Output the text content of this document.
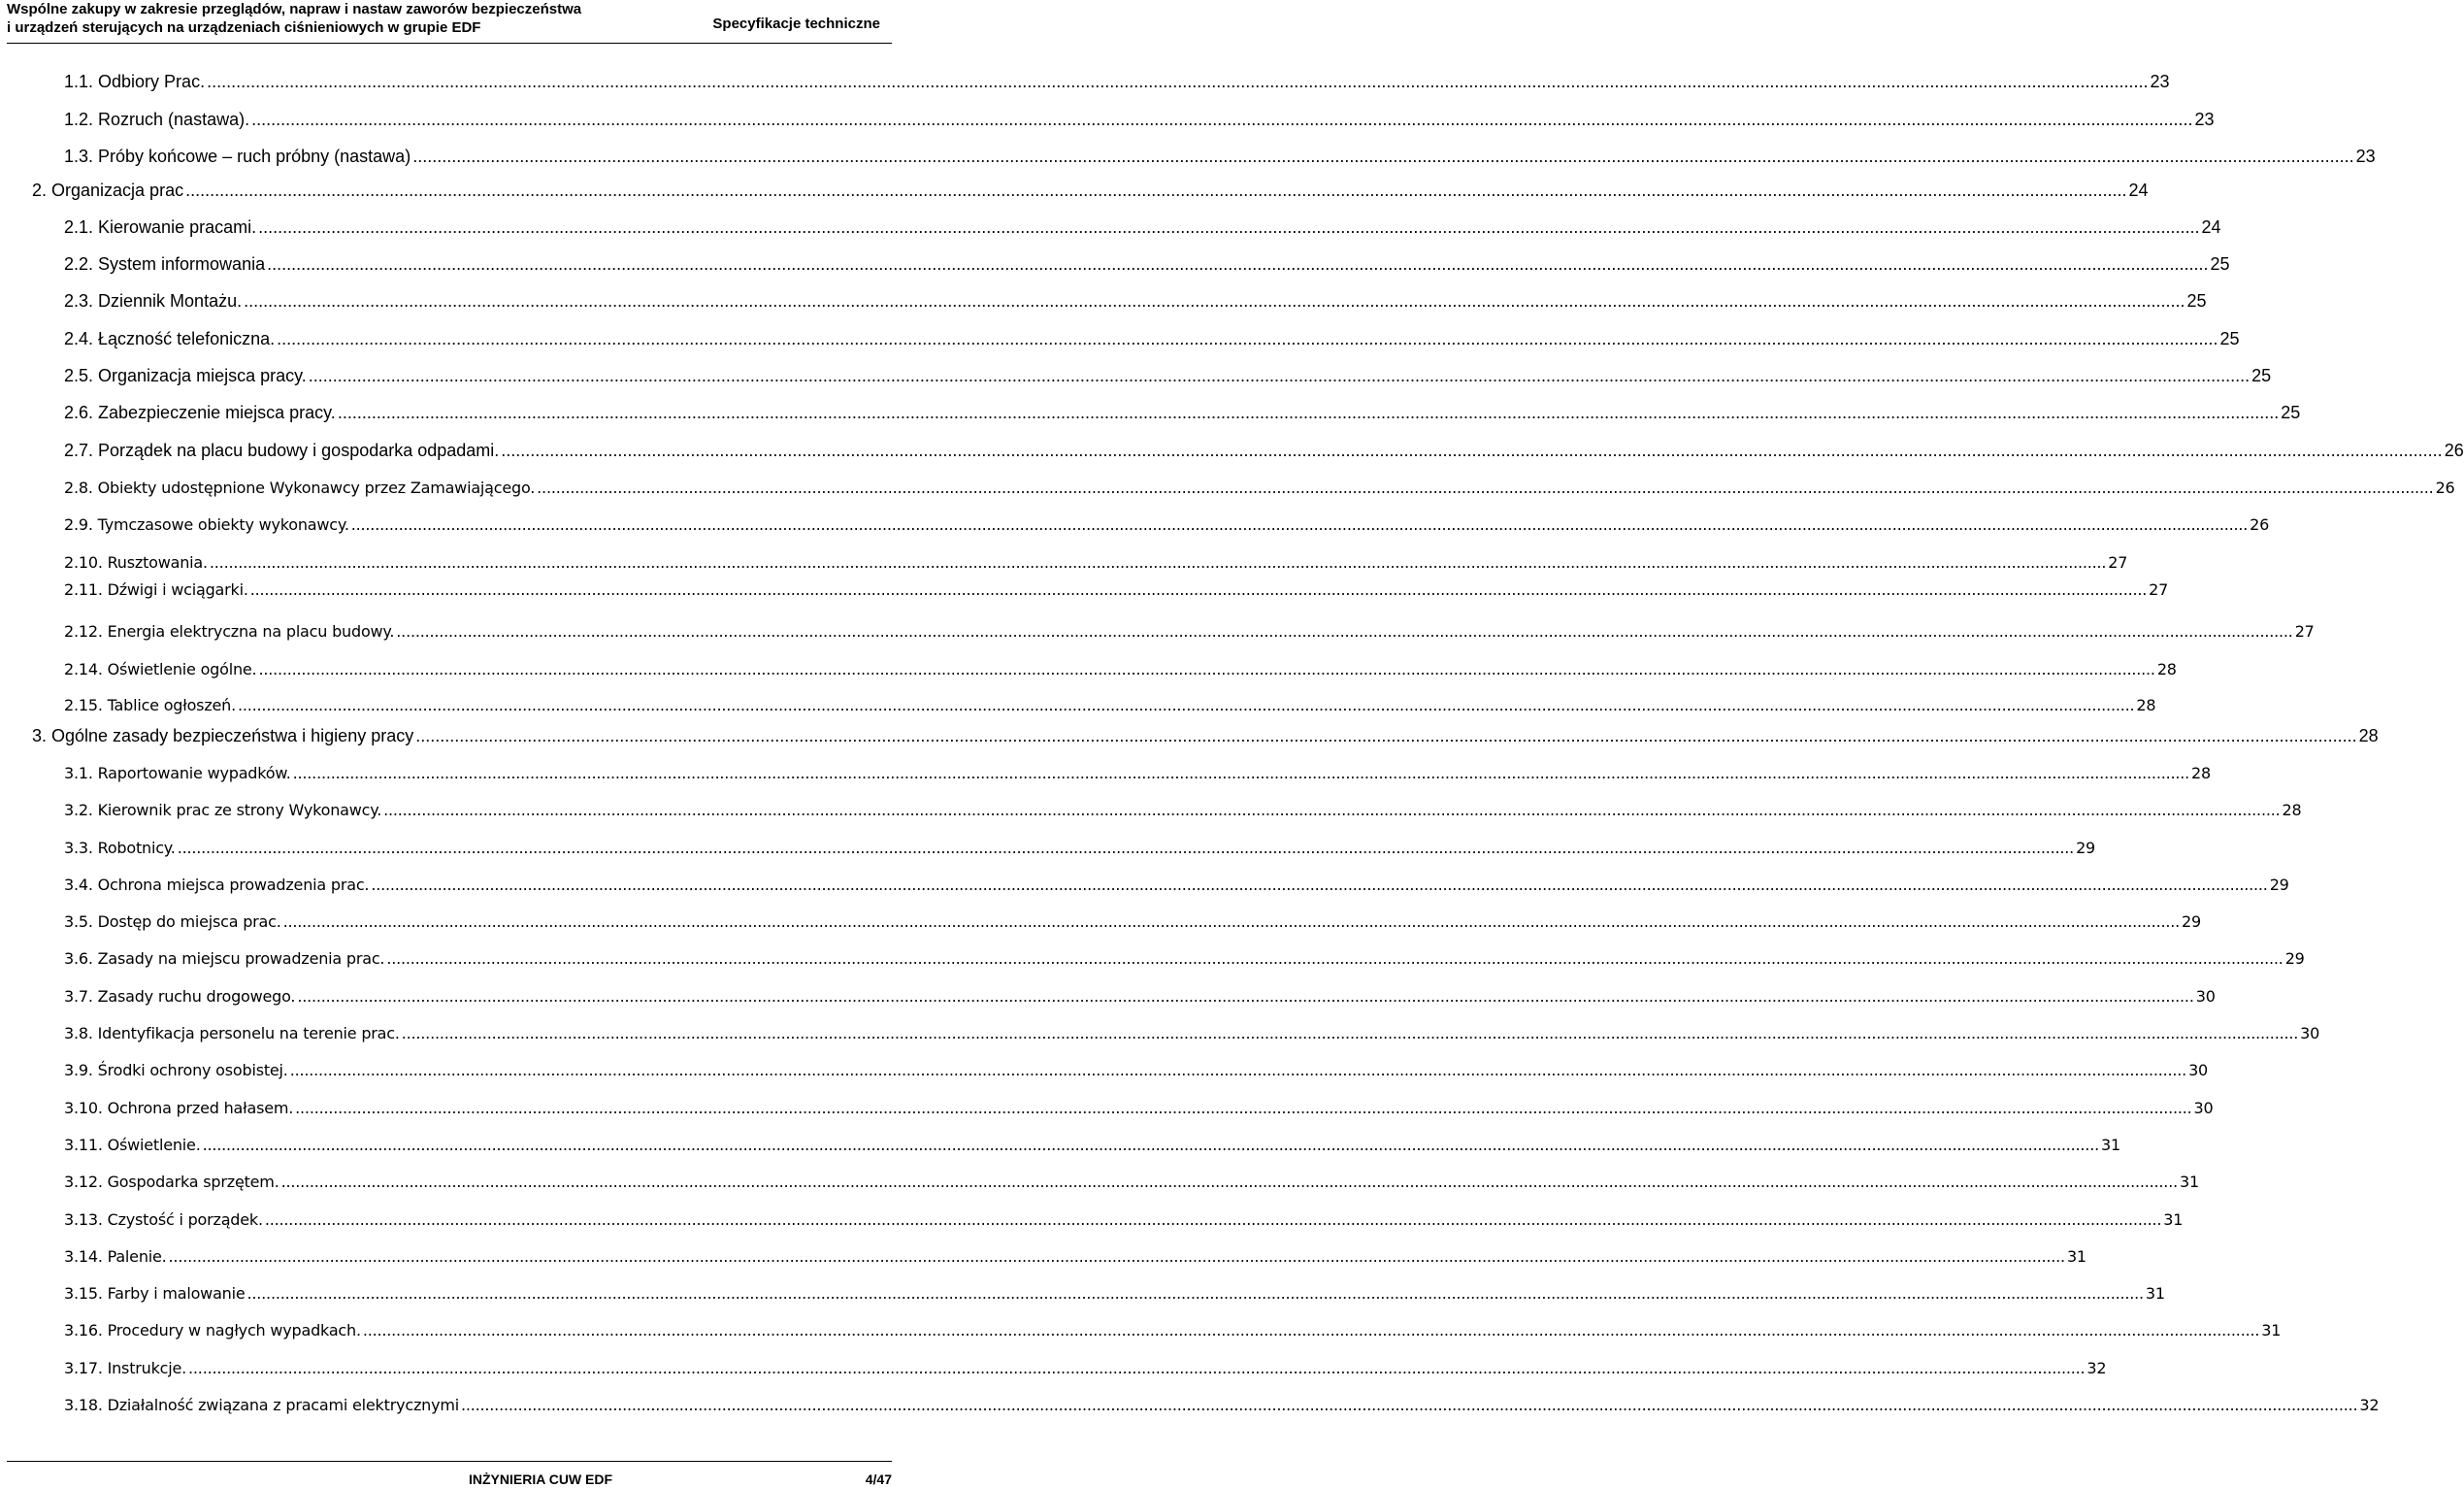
Wspólne zakupy w zakresie przeglądów, napraw i nastaw zaworów bezpieczeństwa
i urządzeń sterujących na urządzeniach ciśnieniowych w grupie EDF	Specyfikacje techniczne
1.1. Odbiory Prac. ................................................................................................................................................................................................................................................................................................................................................................................................................ 23
1.2. Rozruch (nastawa). ................................................................................................................................................................................................................................................................................................................................................................................................................ 23
1.3. Próby końcowe – ruch próbny (nastawa) ................................................................................................................................................................................................................................................................................................................................................................................................................ 23
2. Organizacja prac ................................................................................................................................................................................................................................................................................................................................................................................................................ 24
2.1. Kierowanie pracami. ................................................................................................................................................................................................................................................................................................................................................................................................................ 24
2.2. System informowania ................................................................................................................................................................................................................................................................................................................................................................................................................ 25
2.3. Dziennik Montażu. ................................................................................................................................................................................................................................................................................................................................................................................................................ 25
2.4. Łączność telefoniczna. ................................................................................................................................................................................................................................................................................................................................................................................................................ 25
2.5. Organizacja miejsca pracy. ................................................................................................................................................................................................................................................................................................................................................................................................................ 25
2.6. Zabezpieczenie miejsca pracy. ................................................................................................................................................................................................................................................................................................................................................................................................................ 25
2.7. Porządek na placu budowy i gospodarka odpadami. ................................................................................................................................................................................................................................................................................................................................................................................................................ 26
2.8. Obiekty udostępnione Wykonawcy przez Zamawiającego. ................................................................................................................................................................................................................................................................................................................................................................................................................ 26
2.9. Tymczasowe obiekty wykonawcy. ................................................................................................................................................................................................................................................................................................................................................................................................................ 26
2.10. Rusztowania. ................................................................................................................................................................................................................................................................................................................................................................................................................ 27
2.11. Dźwigi i wciągarki. ................................................................................................................................................................................................................................................................................................................................................................................................................ 27
2.12. Energia elektryczna na placu budowy. ................................................................................................................................................................................................................................................................................................................................................................................................................ 27
2.14. Oświetlenie ogólne. ................................................................................................................................................................................................................................................................................................................................................................................................................ 28
2.15. Tablice ogłoszeń. ................................................................................................................................................................................................................................................................................................................................................................................................................ 28
3. Ogólne zasady bezpieczeństwa i higieny pracy ................................................................................................................................................................................................................................................................................................................................................................................................................ 28
3.1. Raportowanie wypadków. ................................................................................................................................................................................................................................................................................................................................................................................................................ 28
3.2. Kierownik prac ze strony Wykonawcy. ................................................................................................................................................................................................................................................................................................................................................................................................................ 28
3.3. Robotnicy. ................................................................................................................................................................................................................................................................................................................................................................................................................ 29
3.4. Ochrona miejsca prowadzenia prac. ................................................................................................................................................................................................................................................................................................................................................................................................................ 29
3.5. Dostęp do miejsca prac. ................................................................................................................................................................................................................................................................................................................................................................................................................ 29
3.6. Zasady na miejscu prowadzenia prac. ................................................................................................................................................................................................................................................................................................................................................................................................................ 29
3.7. Zasady ruchu drogowego. ................................................................................................................................................................................................................................................................................................................................................................................................................ 30
3.8. Identyfikacja personelu na terenie prac. ................................................................................................................................................................................................................................................................................................................................................................................................................ 30
3.9. Środki ochrony osobistej. ................................................................................................................................................................................................................................................................................................................................................................................................................ 30
3.10. Ochrona przed hałasem. ................................................................................................................................................................................................................................................................................................................................................................................................................ 30
3.11. Oświetlenie. ................................................................................................................................................................................................................................................................................................................................................................................................................ 31
3.12. Gospodarka sprzętem. ................................................................................................................................................................................................................................................................................................................................................................................................................ 31
3.13. Czystość i porządek. ................................................................................................................................................................................................................................................................................................................................................................................................................ 31
3.14. Palenie. ................................................................................................................................................................................................................................................................................................................................................................................................................ 31
3.15. Farby i malowanie ................................................................................................................................................................................................................................................................................................................................................................................................................ 31
3.16. Procedury w nagłych wypadkach. ................................................................................................................................................................................................................................................................................................................................................................................................................ 31
3.17. Instrukcje. ................................................................................................................................................................................................................................................................................................................................................................................................................ 32
3.18. Działalność związana z pracami elektrycznymi ................................................................................................................................................................................................................................................................................................................................................................................................................ 32
INŻYNIERIA CUW EDF	4/47
